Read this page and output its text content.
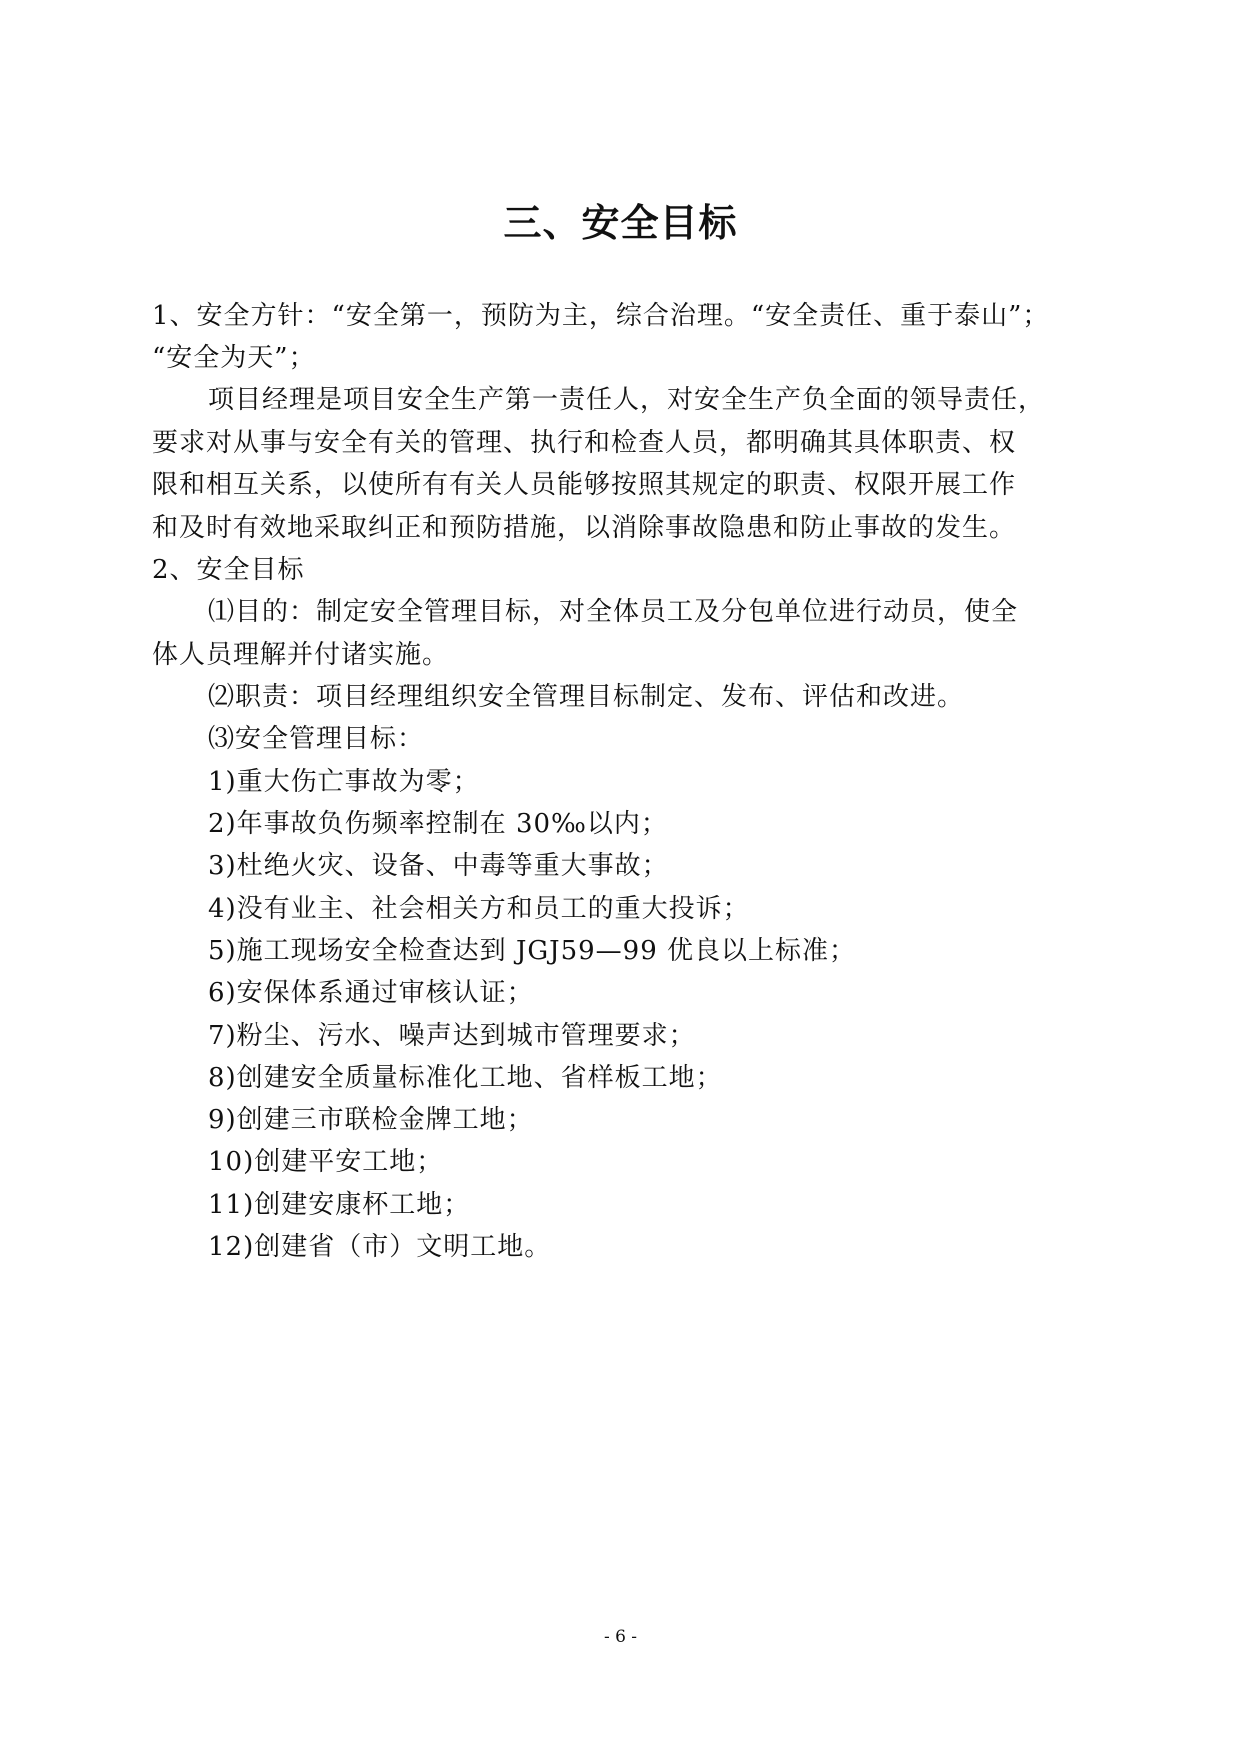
三、安全目标
1、安全方针：“安全第一，预防为主，综合治理。“安全责任、重于泰山”；
“安全为天”；
项目经理是项目安全生产第一责任人，对安全生产负全面的领导责任，
要求对从事与安全有关的管理、执行和检查人员，都明确其具体职责、权
限和相互关系，以使所有有关人员能够按照其规定的职责、权限开展工作
和及时有效地采取纠正和预防措施，以消除事故隐患和防止事故的发生。
2、安全目标
⑴目的：制定安全管理目标，对全体员工及分包单位进行动员，使全
体人员理解并付诸实施。
⑵职责：项目经理组织安全管理目标制定、发布、评估和改进。
⑶安全管理目标：
1)重大伤亡事故为零；
2)年事故负伤频率控制在 30‰以内；
3)杜绝火灾、设备、中毒等重大事故；
4)没有业主、社会相关方和员工的重大投诉；
5)施工现场安全检查达到 JGJ59—99 优良以上标准；
6)安保体系通过审核认证；
7)粉尘、污水、噪声达到城市管理要求；
8)创建安全质量标准化工地、省样板工地；
9)创建三市联检金牌工地；
10)创建平安工地；
11)创建安康杯工地；
12)创建省（市）文明工地。
- 6 -
